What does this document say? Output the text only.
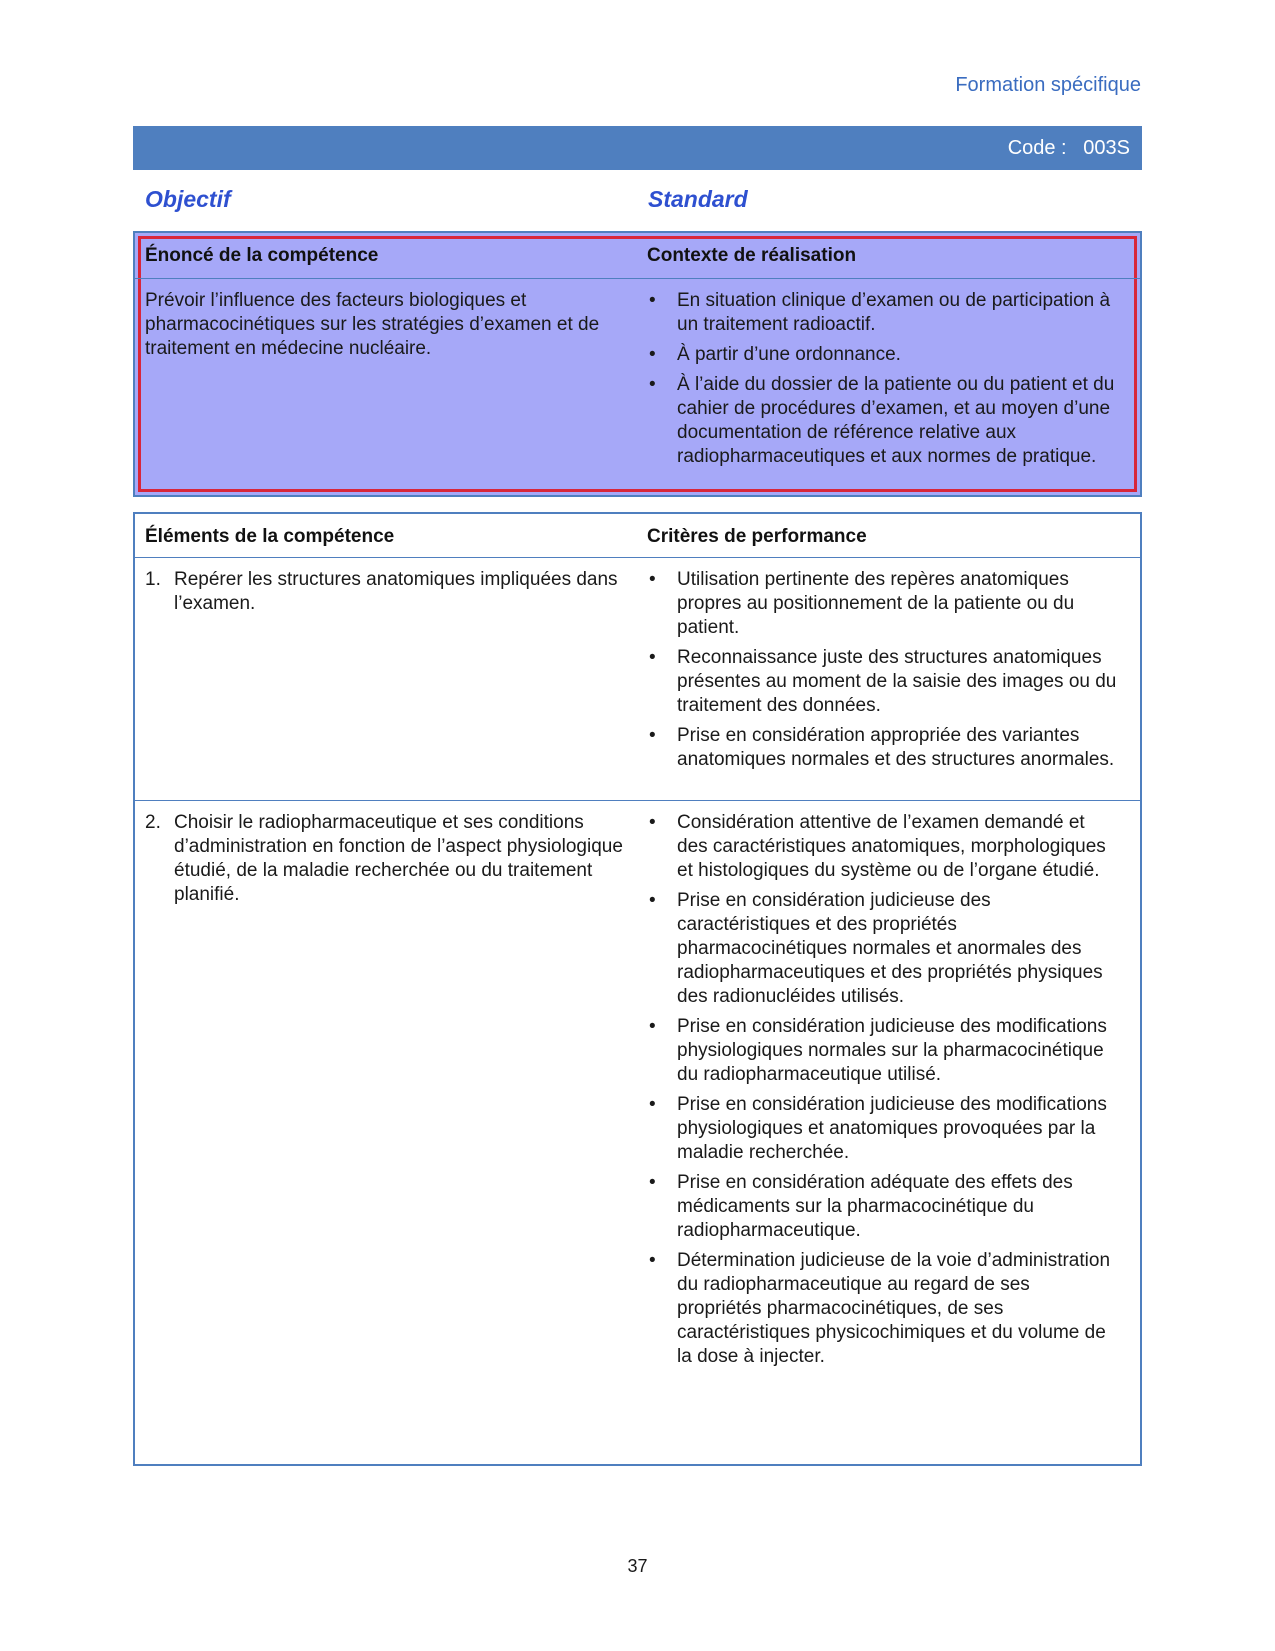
Formation spécifique
Code :   003S
Objectif	Standard
Énoncé de la compétence	Contexte de réalisation
Prévoir l’influence des facteurs biologiques et pharmacocinétiques sur les stratégies d’examen et de traitement en médecine nucléaire.
• En situation clinique d’examen ou de participation à un traitement radioactif.
• À partir d’une ordonnance.
• À l’aide du dossier de la patiente ou du patient et du cahier de procédures d’examen, et au moyen d’une documentation de référence relative aux radiopharmaceutiques et aux normes de pratique.
Éléments de la compétence	Critères de performance
1. Repérer les structures anatomiques impliquées dans l’examen.
• Utilisation pertinente des repères anatomiques propres au positionnement de la patiente ou du patient.
• Reconnaissance juste des structures anatomiques présentes au moment de la saisie des images ou du traitement des données.
• Prise en considération appropriée des variantes anatomiques normales et des structures anormales.
2. Choisir le radiopharmaceutique et ses conditions d’administration en fonction de l’aspect physiologique étudié, de la maladie recherchée ou du traitement planifié.
• Considération attentive de l’examen demandé et des caractéristiques anatomiques, morphologiques et histologiques du système ou de l’organe étudié.
• Prise en considération judicieuse des caractéristiques et des propriétés pharmacocinétiques normales et anormales des radiopharmaceutiques et des propriétés physiques des radionucléides utilisés.
• Prise en considération judicieuse des modifications physiologiques normales sur la pharmacocinétique du radiopharmaceutique utilisé.
• Prise en considération judicieuse des modifications physiologiques et anatomiques provoquées par la maladie recherchée.
• Prise en considération adéquate des effets des médicaments sur la pharmacocinétique du radiopharmaceutique.
• Détermination judicieuse de la voie d’administration du radiopharmaceutique au regard de ses propriétés pharmacocinétiques, de ses caractéristiques physicochimiques et du volume de la dose à injecter.
37
